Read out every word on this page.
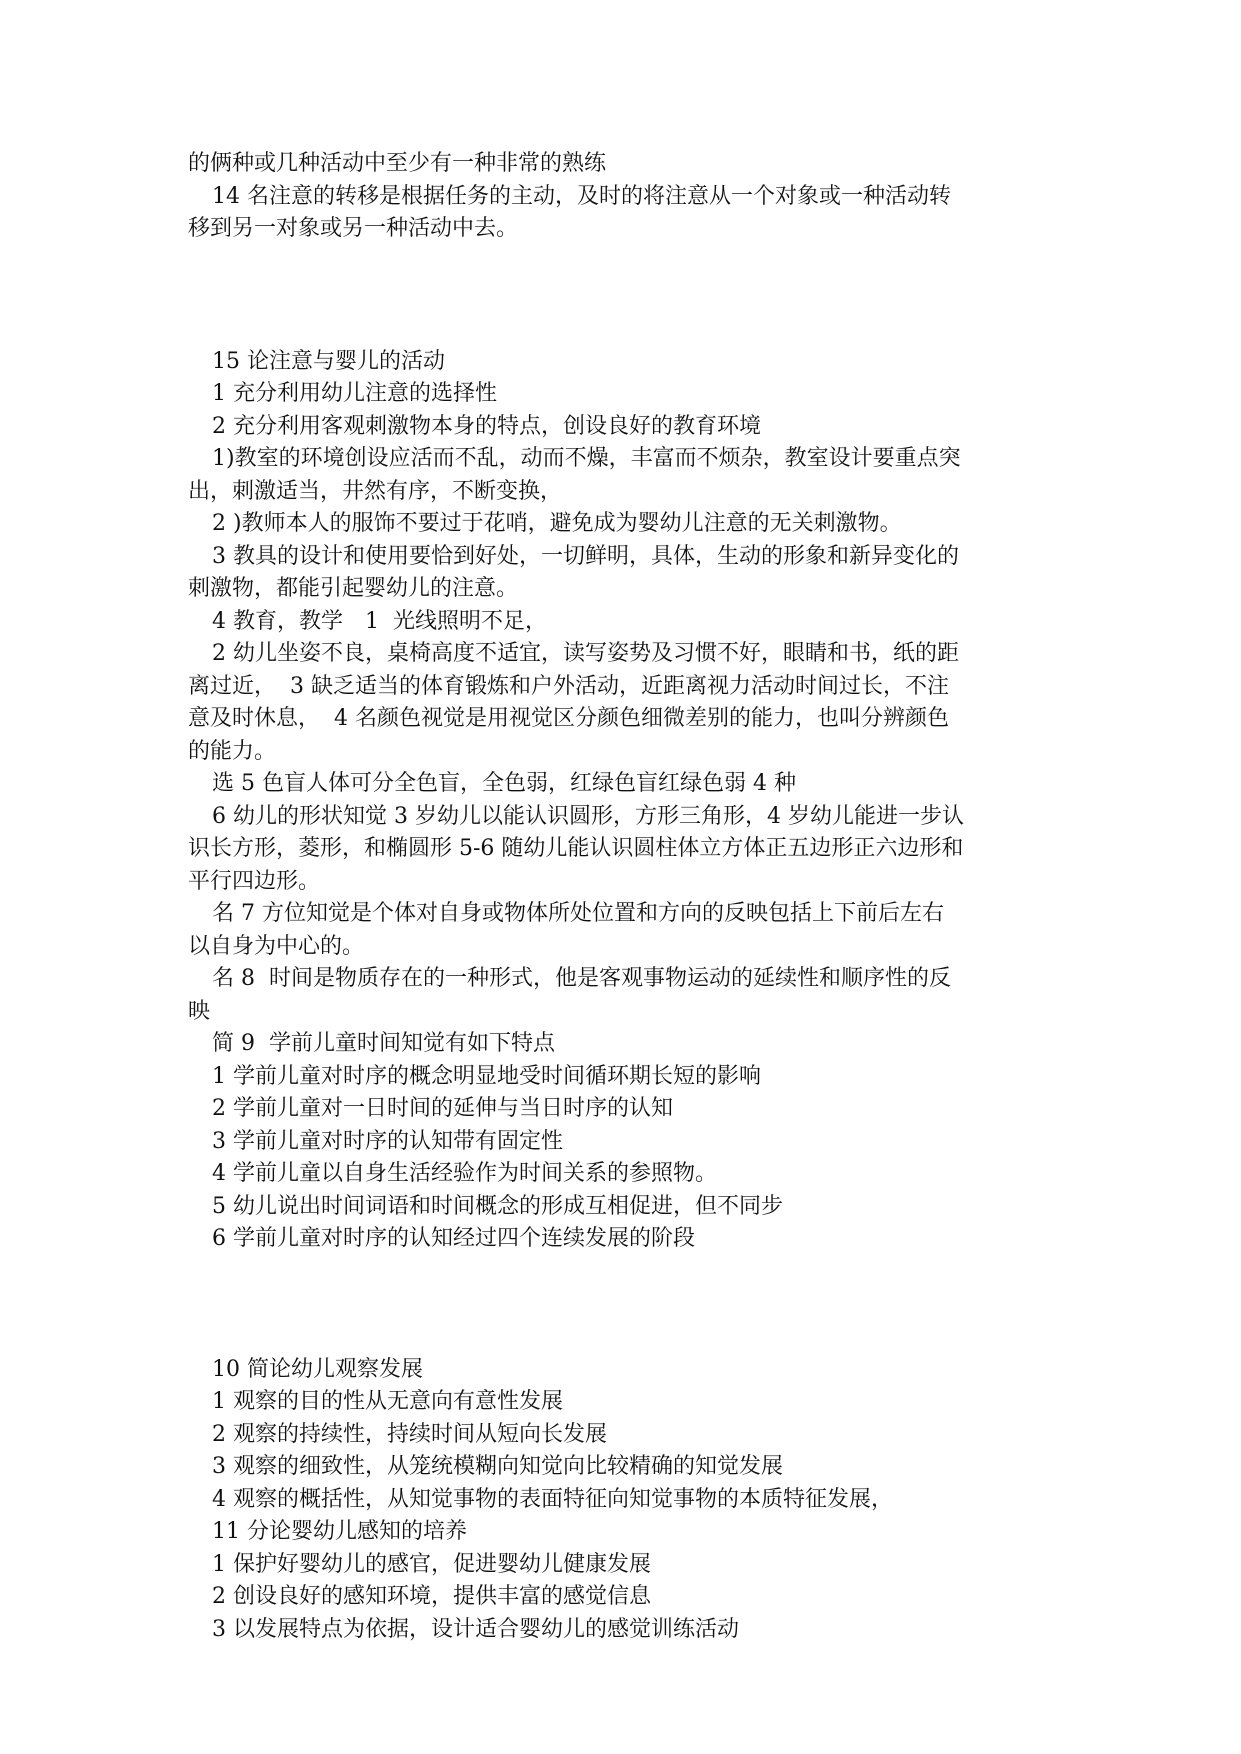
的俩种或几种活动中至少有一种非常的熟练
14 名注意的转移是根据任务的主动，及时的将注意从一个对象或一种活动转
移到另一对象或另一种活动中去。
15 论注意与婴儿的活动
1 充分利用幼儿注意的选择性
2 充分利用客观刺激物本身的特点，创设良好的教育环境
1)教室的环境创设应活而不乱，动而不燥，丰富而不烦杂，教室设计要重点突
出，刺激适当，井然有序，不断变换，
2 )教师本人的服饰不要过于花哨，避免成为婴幼儿注意的无关刺激物。
3 教具的设计和使用要恰到好处，一切鲜明，具体，生动的形象和新异变化的
刺激物，都能引起婴幼儿的注意。
4 教育，教学　1  光线照明不足，
2 幼儿坐姿不良，桌椅高度不适宜，读写姿势及习惯不好，眼睛和书，纸的距
离过近，  3 缺乏适当的体育锻炼和户外活动，近距离视力活动时间过长，不注
意及时休息，  4 名颜色视觉是用视觉区分颜色细微差别的能力，也叫分辨颜色
的能力。
选 5 色盲人体可分全色盲，全色弱，红绿色盲红绿色弱 4 种
6 幼儿的形状知觉 3 岁幼儿以能认识圆形，方形三角形，4 岁幼儿能进一步认
识长方形，菱形，和椭圆形 5-6 随幼儿能认识圆柱体立方体正五边形正六边形和
平行四边形。
名 7 方位知觉是个体对自身或物体所处位置和方向的反映包括上下前后左右
以自身为中心的。
名 8  时间是物质存在的一种形式，他是客观事物运动的延续性和顺序性的反
映
简 9  学前儿童时间知觉有如下特点
1 学前儿童对时序的概念明显地受时间循环期长短的影响
2 学前儿童对一日时间的延伸与当日时序的认知
3 学前儿童对时序的认知带有固定性
4 学前儿童以自身生活经验作为时间关系的参照物。
5 幼儿说出时间词语和时间概念的形成互相促进，但不同步
6 学前儿童对时序的认知经过四个连续发展的阶段
10 简论幼儿观察发展
1 观察的目的性从无意向有意性发展
2 观察的持续性，持续时间从短向长发展
3 观察的细致性，从笼统模糊向知觉向比较精确的知觉发展
4 观察的概括性，从知觉事物的表面特征向知觉事物的本质特征发展，
11 分论婴幼儿感知的培养
1 保护好婴幼儿的感官，促进婴幼儿健康发展
2 创设良好的感知环境，提供丰富的感觉信息
3 以发展特点为依据，设计适合婴幼儿的感觉训练活动
